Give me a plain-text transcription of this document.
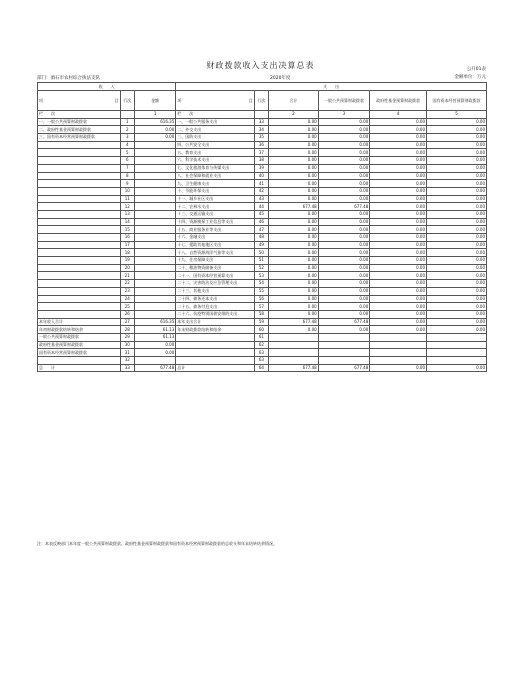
财政拨款收入支出决算总表	公开01表
部门：酒石市农村综合执法支队	2020年度	金额单位：万元
收　　入			支　　出					
项 目	行次	金额	项 目	行次	合计	一般公共预算财政拨款	政府性基金预算财政拨款	国有资本经营预算财政拨款
栏　　次		1	栏　　次		2	3	4	5
一、一般公共预算财政拨款	1	616.35	一、一般公共服务支出	33	0.00	0.00	0.00	0.00
二、政府性基金预算财政拨款	2	0.00	二、外交支出	34	0.00	0.00	0.00	0.00
三、国有资本经营预算财政拨款	3	0.00	三、国防支出	35	0.00	0.00	0.00	0.00
	4		四、公共安全支出	36	0.00	0.00	0.00	0.00
	5		五、教育支出	37	0.00	0.00	0.00	0.00
	6		六、科学技术支出	38	0.00	0.00	0.00	0.00
	7		七、文化旅游体育与传媒支出	39	0.00	0.00	0.00	0.00
	8		八、社会保障和就业支出	40	0.00	0.00	0.00	0.00
	9		九、卫生健康支出	41	0.00	0.00	0.00	0.00
	10		十、节能环保支出	42	0.00	0.00	0.00	0.00
	11		十一、城乡社区支出	43	0.00	0.00	0.00	0.00
	12		十二、农林水支出	44	677.48	677.48	0.00	0.00
	13		十三、交通运输支出	45	0.00	0.00	0.00	0.00
	14		十四、资源勘探工业信息等支出	46	0.00	0.00	0.00	0.00
	15		十五、商业服务业等支出	47	0.00	0.00	0.00	0.00
	16		十六、金融支出	48	0.00	0.00	0.00	0.00
	17		十七、援助其他地区支出	49	0.00	0.00	0.00	0.00
	18		十八、自然资源海洋气象等支出	50	0.00	0.00	0.00	0.00
	19		十九、住房保障支出	51	0.00	0.00	0.00	0.00
	20		二十、粮油物资储备支出	52	0.00	0.00	0.00	0.00
	21		二十一、国有资本经营预算支出	53	0.00	0.00	0.00	0.00
	22		二十二、灾害防治及应急管理支出	54	0.00	0.00	0.00	0.00
	23		二十三、其他支出	55	0.00	0.00	0.00	0.00
	24		二十四、债务还本支出	56	0.00	0.00	0.00	0.00
	25		二十五、债务付息支出	57	0.00	0.00	0.00	0.00
	26		二十六、抗疫特别国债安排的支出	58	0.00	0.00	0.00	0.00
本年收入合计	27	616.35	本年支出合计	59	677.48	677.48	0.00	0.00
年初财政拨款结转和结余	28	61.13	年末财政拨款结转和结余	60	0.00	0.00	0.00	0.00
一般公共预算财政拨款	29	61.13		61				
政府性基金预算财政拨款	30	0.00		62				
国有资本经营预算财政拨款	31	0.00		63				
	32			63				
总　　计	33	677.48	总计	64	677.48	677.48	0.00	0.00
注：本表反映部门本年度一般公共预算财政拨款、政府性基金预算财政拨款和国有资本经营预算财政拨款的总收支和年末结转结余情况。
